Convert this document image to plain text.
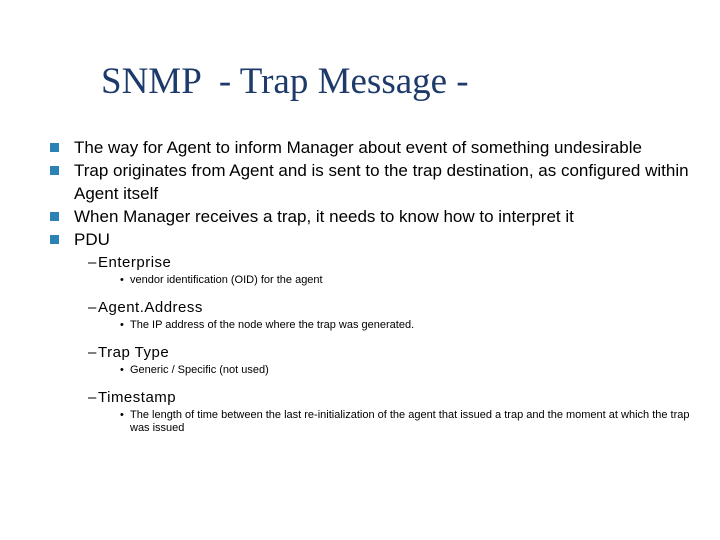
SNMP  - Trap Message -
The way for Agent to inform Manager about event of something undesirable
Trap originates from Agent and is sent to the trap destination, as configured within Agent itself
When Manager receives a trap, it needs to know how to interpret it
PDU
– Enterprise
• vendor identification (OID) for the agent
– Agent.Address
• The IP address of the node where the trap was generated.
– Trap Type
• Generic / Specific (not used)
– Timestamp
• The length of time between the last re-initialization of the agent that issued a trap and the moment at which the trap was issued
